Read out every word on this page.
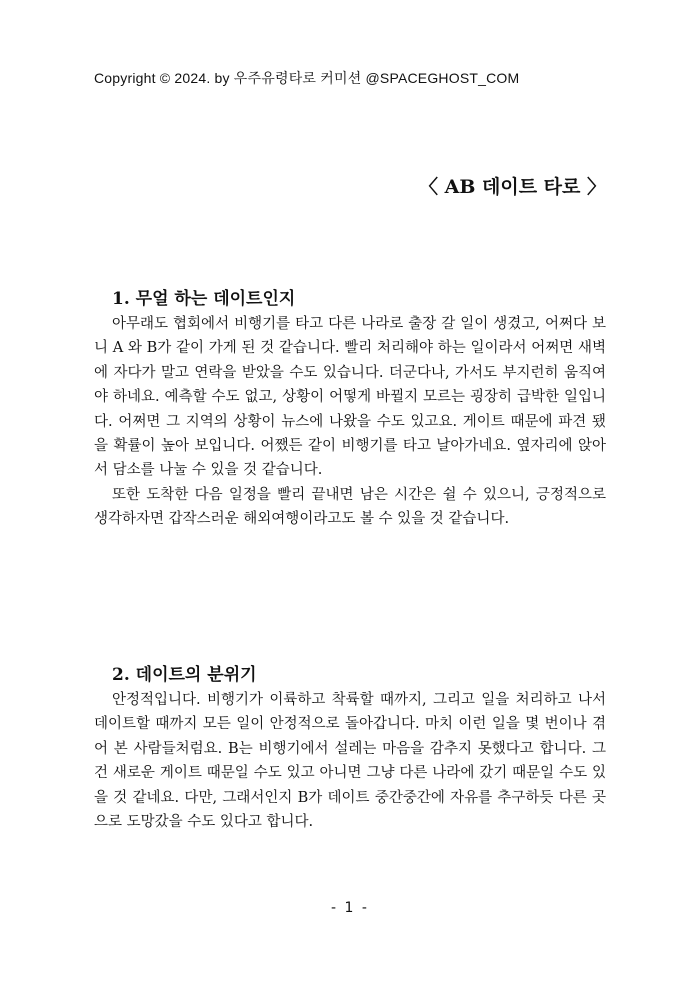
Copyright © 2024. by 우주유령타로 커미션 @SPACEGHOST_COM
〈 AB 데이트 타로 〉
1. 무얼 하는 데이트인지

아무래도 협회에서 비행기를 타고 다른 나라로 출장 갈 일이 생겼고, 어쩌다 보니 A 와 B가 같이 가게 된 것 같습니다. 빨리 처리해야 하는 일이라서 어쩌면 새벽에 자다가 말고 연락을 받았을 수도 있습니다. 더군다나, 가서도 부지런히 움직여야 하네요. 예측할 수도 없고, 상황이 어떻게 바뀔지 모르는 굉장히 급박한 일입니다. 어쩌면 그 지역의 상황이 뉴스에 나왔을 수도 있고요. 게이트 때문에 파견 됐을 확률이 높아 보입니다. 어쨌든 같이 비행기를 타고 날아가네요. 옆자리에 앉아서 담소를 나눌 수 있을 것 같습니다.

또한 도착한 다음 일정을 빨리 끝내면 남은 시간은 쉴 수 있으니, 긍정적으로 생각하자면 갑작스러운 해외여행이라고도 볼 수 있을 것 같습니다.

2. 데이트의 분위기

안정적입니다. 비행기가 이륙하고 착륙할 때까지, 그리고 일을 처리하고 나서 데이트할 때까지 모든 일이 안정적으로 돌아갑니다. 마치 이런 일을 몇 번이나 겪어 본 사람들처럼요. B는 비행기에서 설레는 마음을 감추지 못했다고 합니다. 그건 새로운 게이트 때문일 수도 있고 아니면 그냥 다른 나라에 갔기 때문일 수도 있을 것 같네요. 다만, 그래서인지 B가 데이트 중간중간에 자유를 추구하듯 다른 곳으로 도망갔을 수도 있다고 합니다.

- 1 -
